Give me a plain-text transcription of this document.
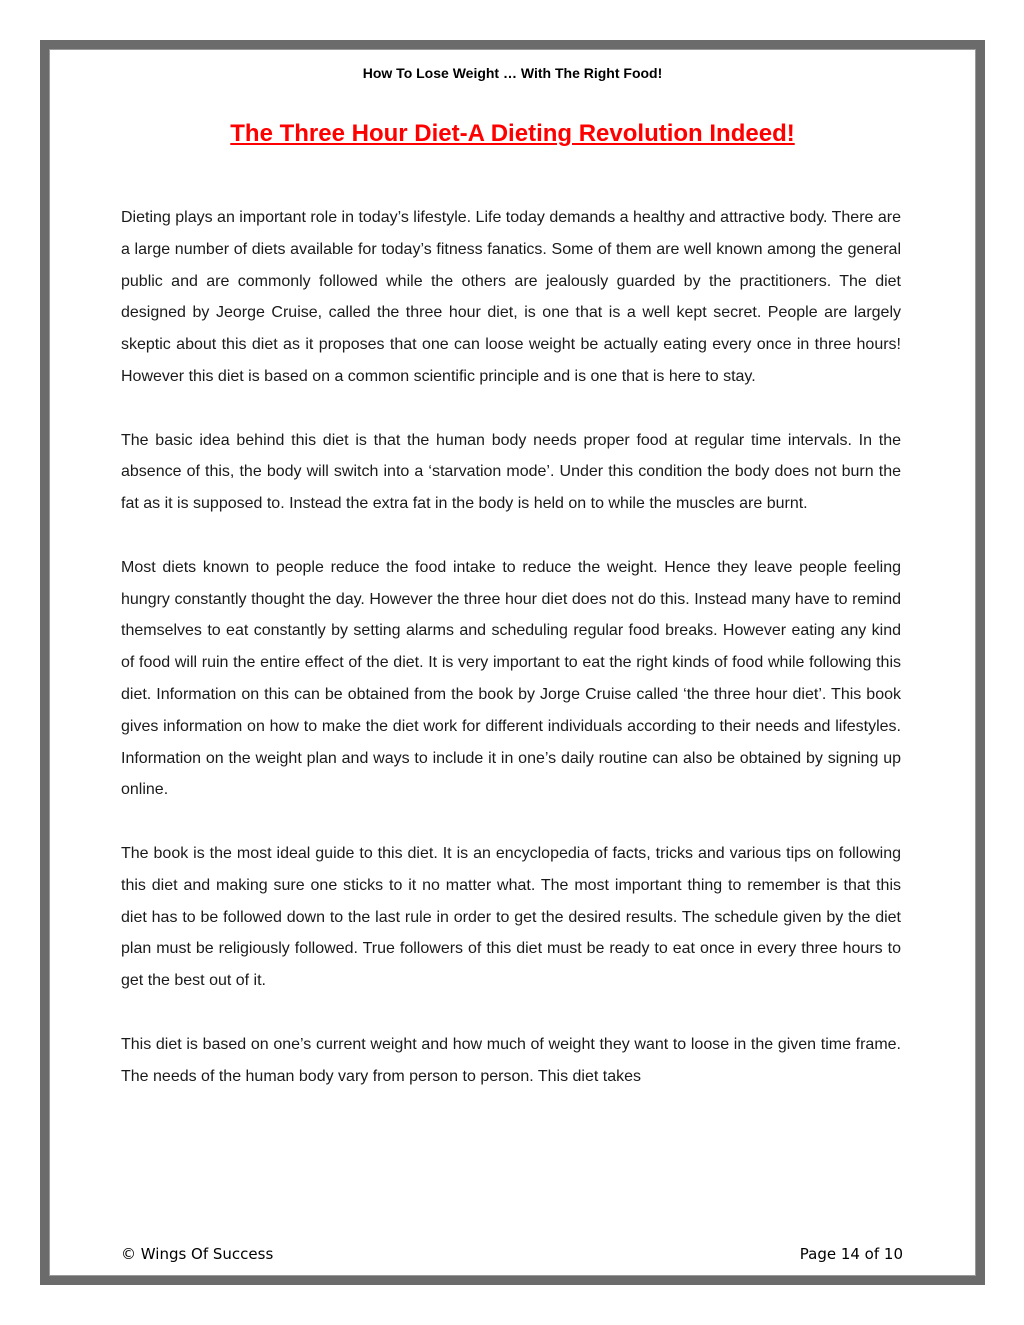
How To Lose Weight … With The Right Food!
The Three Hour Diet-A Dieting Revolution Indeed!

Dieting plays an important role in today’s lifestyle. Life today demands a healthy and attractive body. There are a large number of diets available for today’s fitness fanatics. Some of them are well known among the general public and are commonly followed while the others are jealously guarded by the practitioners. The diet designed by Jeorge Cruise, called the three hour diet, is one that is a well kept secret. People are largely skeptic about this diet as it proposes that one can loose weight be actually eating every once in three hours! However this diet is based on a common scientific principle and is one that is here to stay.

The basic idea behind this diet is that the human body needs proper food at regular time intervals. In the absence of this, the body will switch into a ‘starvation mode’. Under this condition the body does not burn the fat as it is supposed to. Instead the extra fat in the body is held on to while the muscles are burnt.

Most diets known to people reduce the food intake to reduce the weight. Hence they leave people feeling hungry constantly thought the day. However the three hour diet does not do this. Instead many have to remind themselves to eat constantly by setting alarms and scheduling regular food breaks. However eating any kind of food will ruin the entire effect of the diet. It is very important to eat the right kinds of food while following this diet. Information on this can be obtained from the book by Jorge Cruise called ‘the three hour diet’. This book gives information on how to make the diet work for different individuals according to their needs and lifestyles. Information on the weight plan and ways to include it in one’s daily routine can also be obtained by signing up online.

The book is the most ideal guide to this diet. It is an encyclopedia of facts, tricks and various tips on following this diet and making sure one sticks to it no matter what. The most important thing to remember is that this diet has to be followed down to the last rule in order to get the desired results. The schedule given by the diet plan must be religiously followed. True followers of this diet must be ready to eat once in every three hours to get the best out of it.

This diet is based on one’s current weight and how much of weight they want to loose in the given time frame. The needs of the human body vary from person to person. This diet takes

© Wings Of Success	Page 14 of 10
